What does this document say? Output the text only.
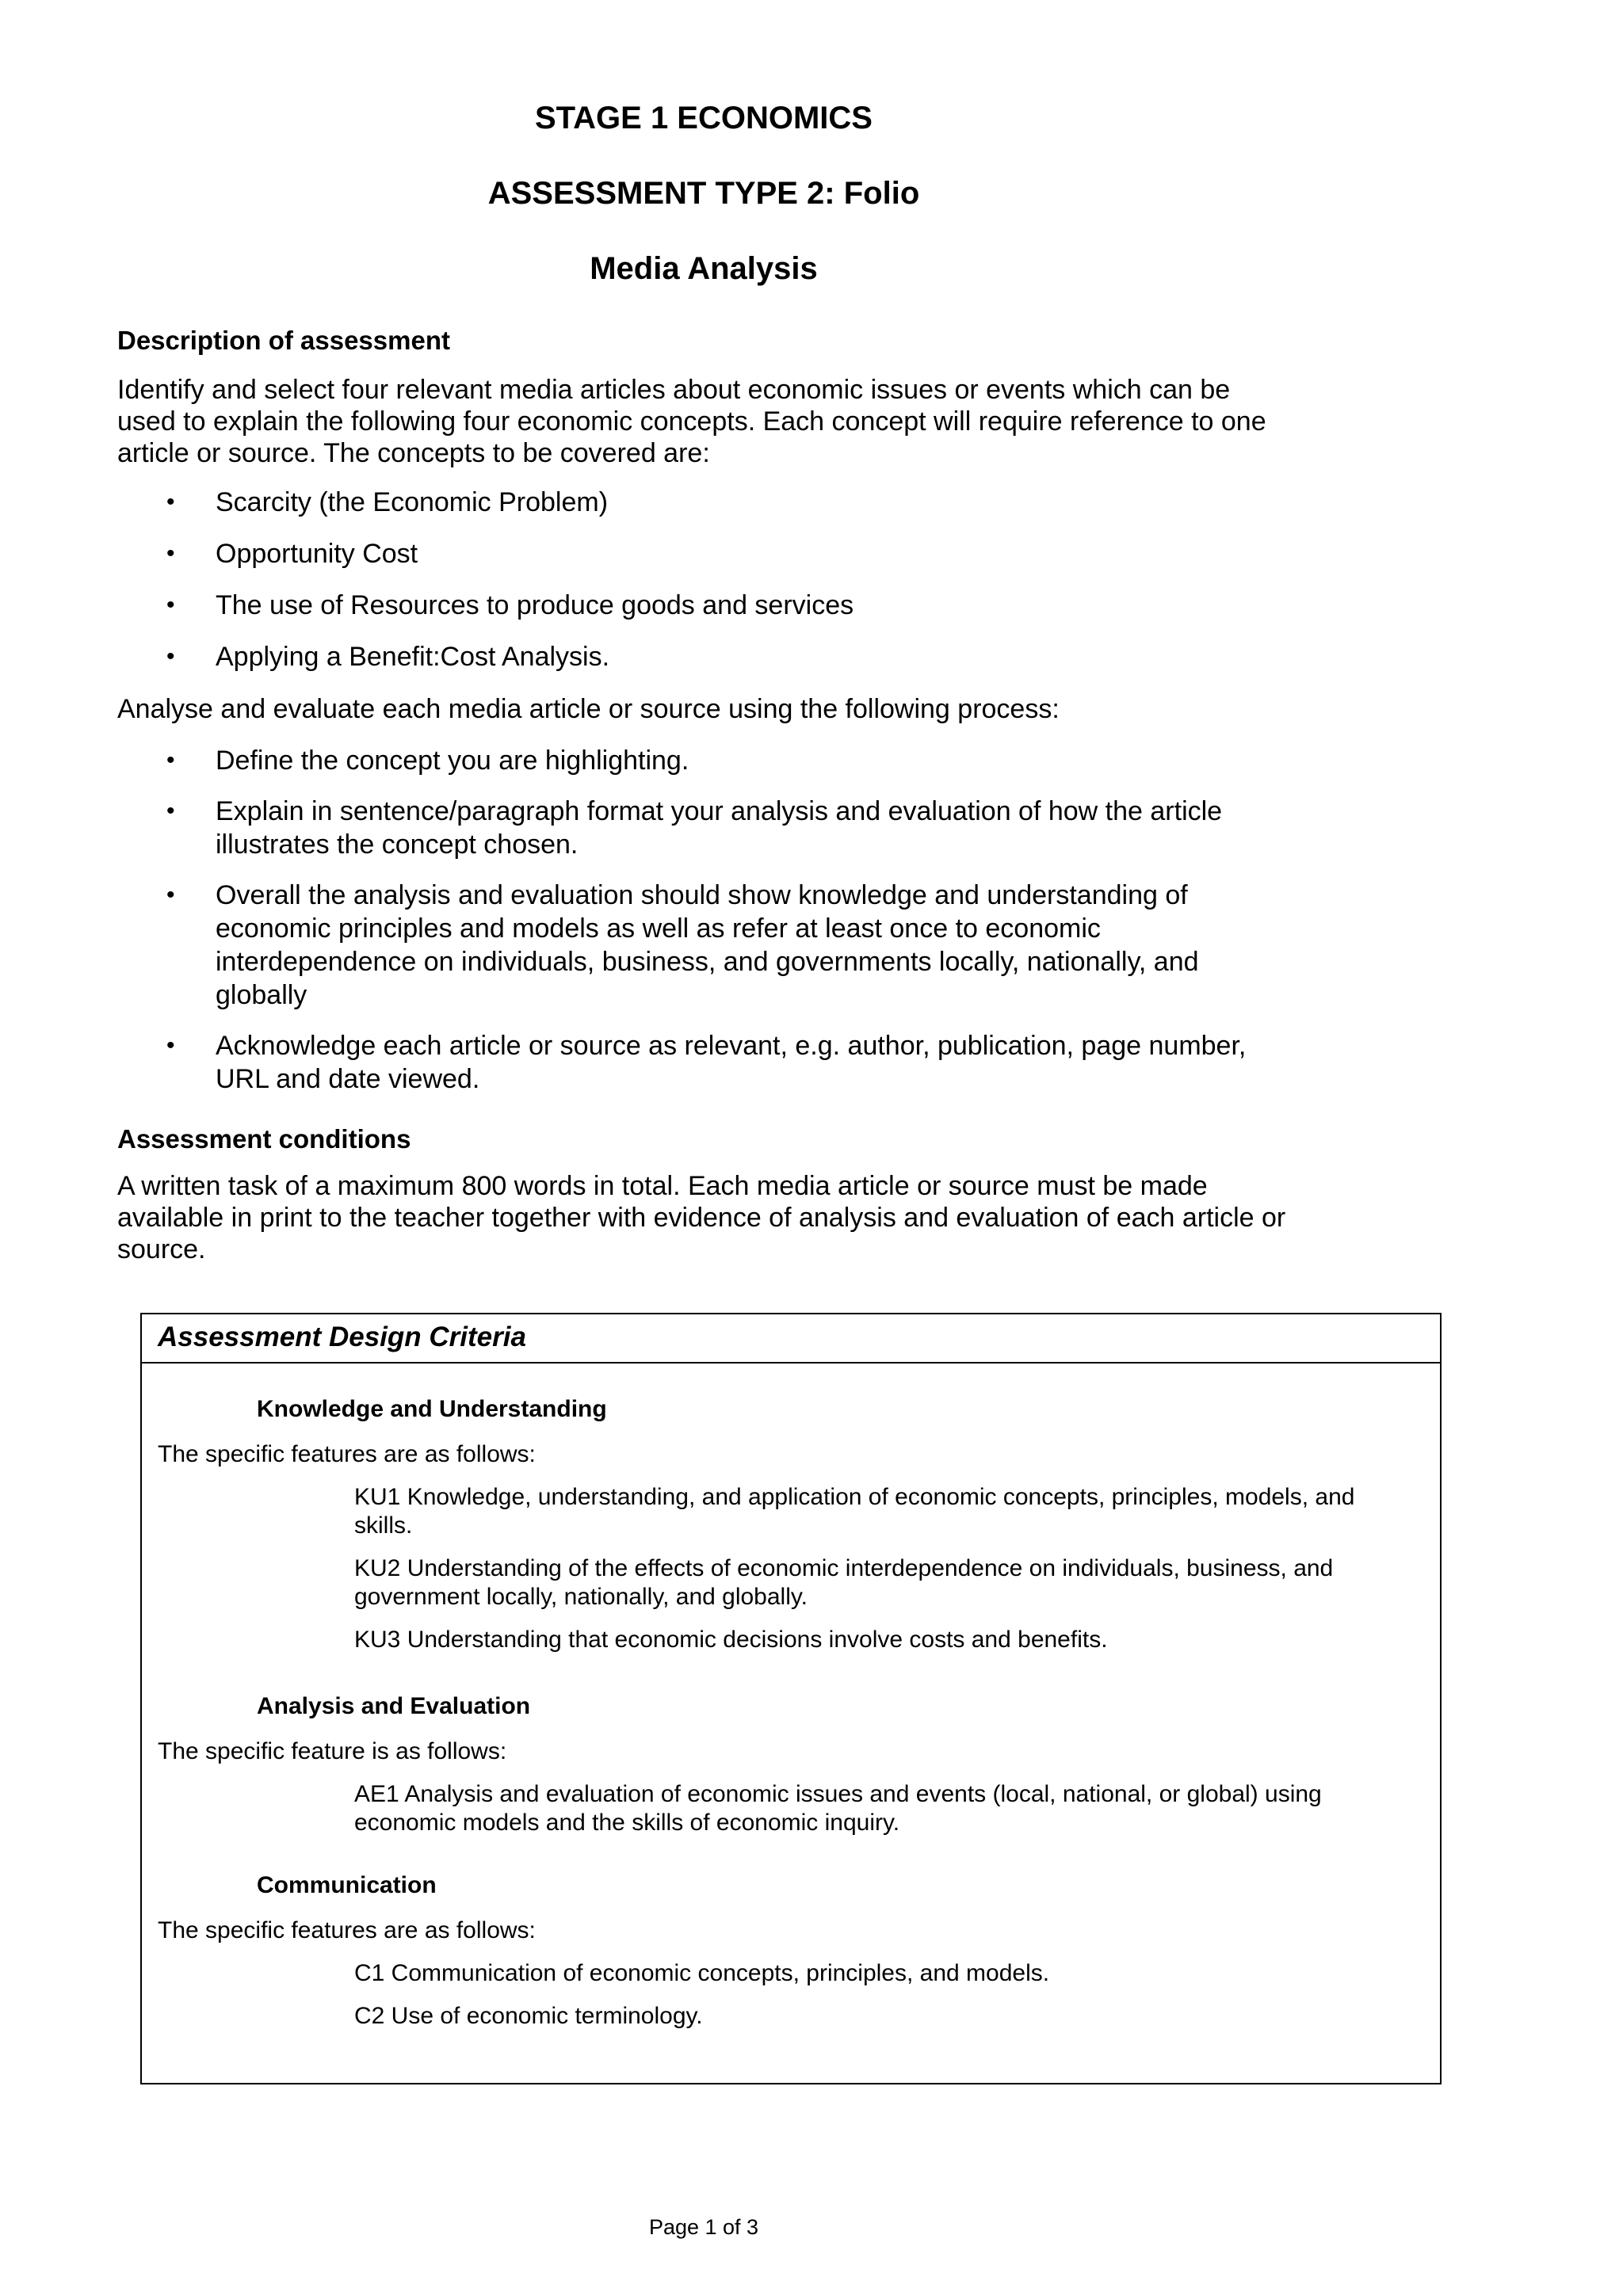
STAGE 1 ECONOMICS
ASSESSMENT TYPE 2: Folio
Media Analysis
Description of assessment

Identify and select four relevant media articles about economic issues or events which can be used to explain the following four economic concepts. Each concept will require reference to one article or source. The concepts to be covered are:

• Scarcity (the Economic Problem)
• Opportunity Cost
• The use of Resources to produce goods and services
• Applying a Benefit:Cost Analysis.

Analyse and evaluate each media article or source using the following process:

• Define the concept you are highlighting.
• Explain in sentence/paragraph format your analysis and evaluation of how the article illustrates the concept chosen.
• Overall the analysis and evaluation should show knowledge and understanding of economic principles and models as well as refer at least once to economic interdependence on individuals, business, and governments locally, nationally, and globally
• Acknowledge each article or source as relevant, e.g. author, publication, page number, URL and date viewed.
Assessment conditions

A written task of a maximum 800 words in total. Each media article or source must be made available in print to the teacher together with evidence of analysis and evaluation of each article or source.

Assessment Design Criteria

Knowledge and Understanding

The specific features are as follows:

KU1 Knowledge, understanding, and application of economic concepts, principles, models, and skills.

KU2 Understanding of the effects of economic interdependence on individuals, business, and government locally, nationally, and globally.

KU3 Understanding that economic decisions involve costs and benefits.

Analysis and Evaluation

The specific feature is as follows:

AE1 Analysis and evaluation of economic issues and events (local, national, or global) using economic models and the skills of economic inquiry.

Communication

The specific features are as follows:

C1 Communication of economic concepts, principles, and models.

C2 Use of economic terminology.

Page 1 of 3
